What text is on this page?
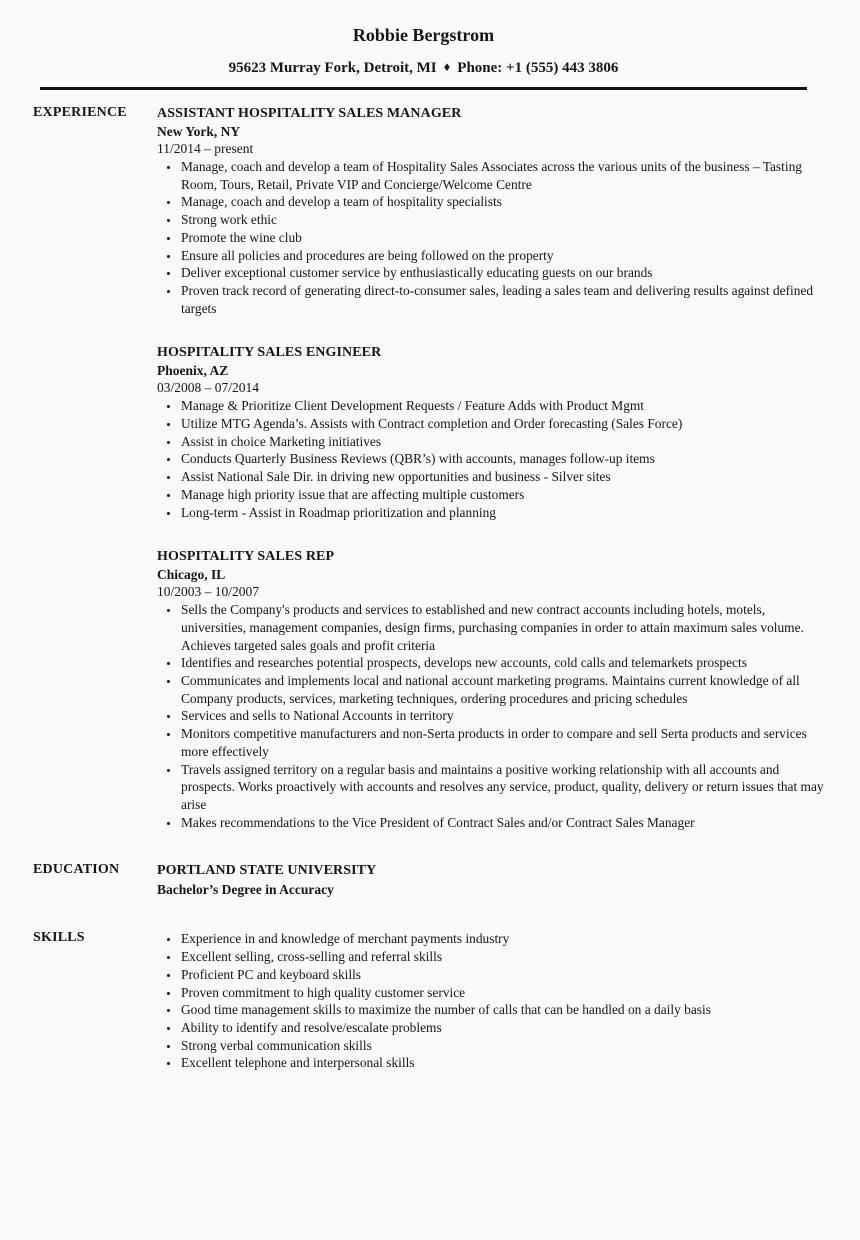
Robbie Bergstrom
95623 Murray Fork, Detroit, MI ♦ Phone: +1 (555) 443 3806
EXPERIENCE	ASSISTANT HOSPITALITY SALES MANAGER
New York, NY
11/2014 – present
• Manage, coach and develop a team of Hospitality Sales Associates across the various units of the business – Tasting Room, Tours, Retail, Private VIP and Concierge/Welcome Centre
• Manage, coach and develop a team of hospitality specialists
• Strong work ethic
• Promote the wine club
• Ensure all policies and procedures are being followed on the property
• Deliver exceptional customer service by enthusiastically educating guests on our brands
• Proven track record of generating direct-to-consumer sales, leading a sales team and delivering results against defined targets
HOSPITALITY SALES ENGINEER
Phoenix, AZ
03/2008 – 07/2014
• Manage & Prioritize Client Development Requests / Feature Adds with Product Mgmt
• Utilize MTG Agenda’s. Assists with Contract completion and Order forecasting (Sales Force)
• Assist in choice Marketing initiatives
• Conducts Quarterly Business Reviews (QBR’s) with accounts, manages follow-up items
• Assist National Sale Dir. in driving new opportunities and business - Silver sites
• Manage high priority issue that are affecting multiple customers
• Long-term - Assist in Roadmap prioritization and planning
HOSPITALITY SALES REP
Chicago, IL
10/2003 – 10/2007
• Sells the Company's products and services to established and new contract accounts including hotels, motels, universities, management companies, design firms, purchasing companies in order to attain maximum sales volume. Achieves targeted sales goals and profit criteria
• Identifies and researches potential prospects, develops new accounts, cold calls and telemarkets prospects
• Communicates and implements local and national account marketing programs. Maintains current knowledge of all Company products, services, marketing techniques, ordering procedures and pricing schedules
• Services and sells to National Accounts in territory
• Monitors competitive manufacturers and non-Serta products in order to compare and sell Serta products and services more effectively
• Travels assigned territory on a regular basis and maintains a positive working relationship with all accounts and prospects. Works proactively with accounts and resolves any service, product, quality, delivery or return issues that may arise
• Makes recommendations to the Vice President of Contract Sales and/or Contract Sales Manager
EDUCATION	PORTLAND STATE UNIVERSITY
Bachelor’s Degree in Accuracy
SKILLS	• Experience in and knowledge of merchant payments industry
• Excellent selling, cross-selling and referral skills
• Proficient PC and keyboard skills
• Proven commitment to high quality customer service
• Good time management skills to maximize the number of calls that can be handled on a daily basis
• Ability to identify and resolve/escalate problems
• Strong verbal communication skills
• Excellent telephone and interpersonal skills
